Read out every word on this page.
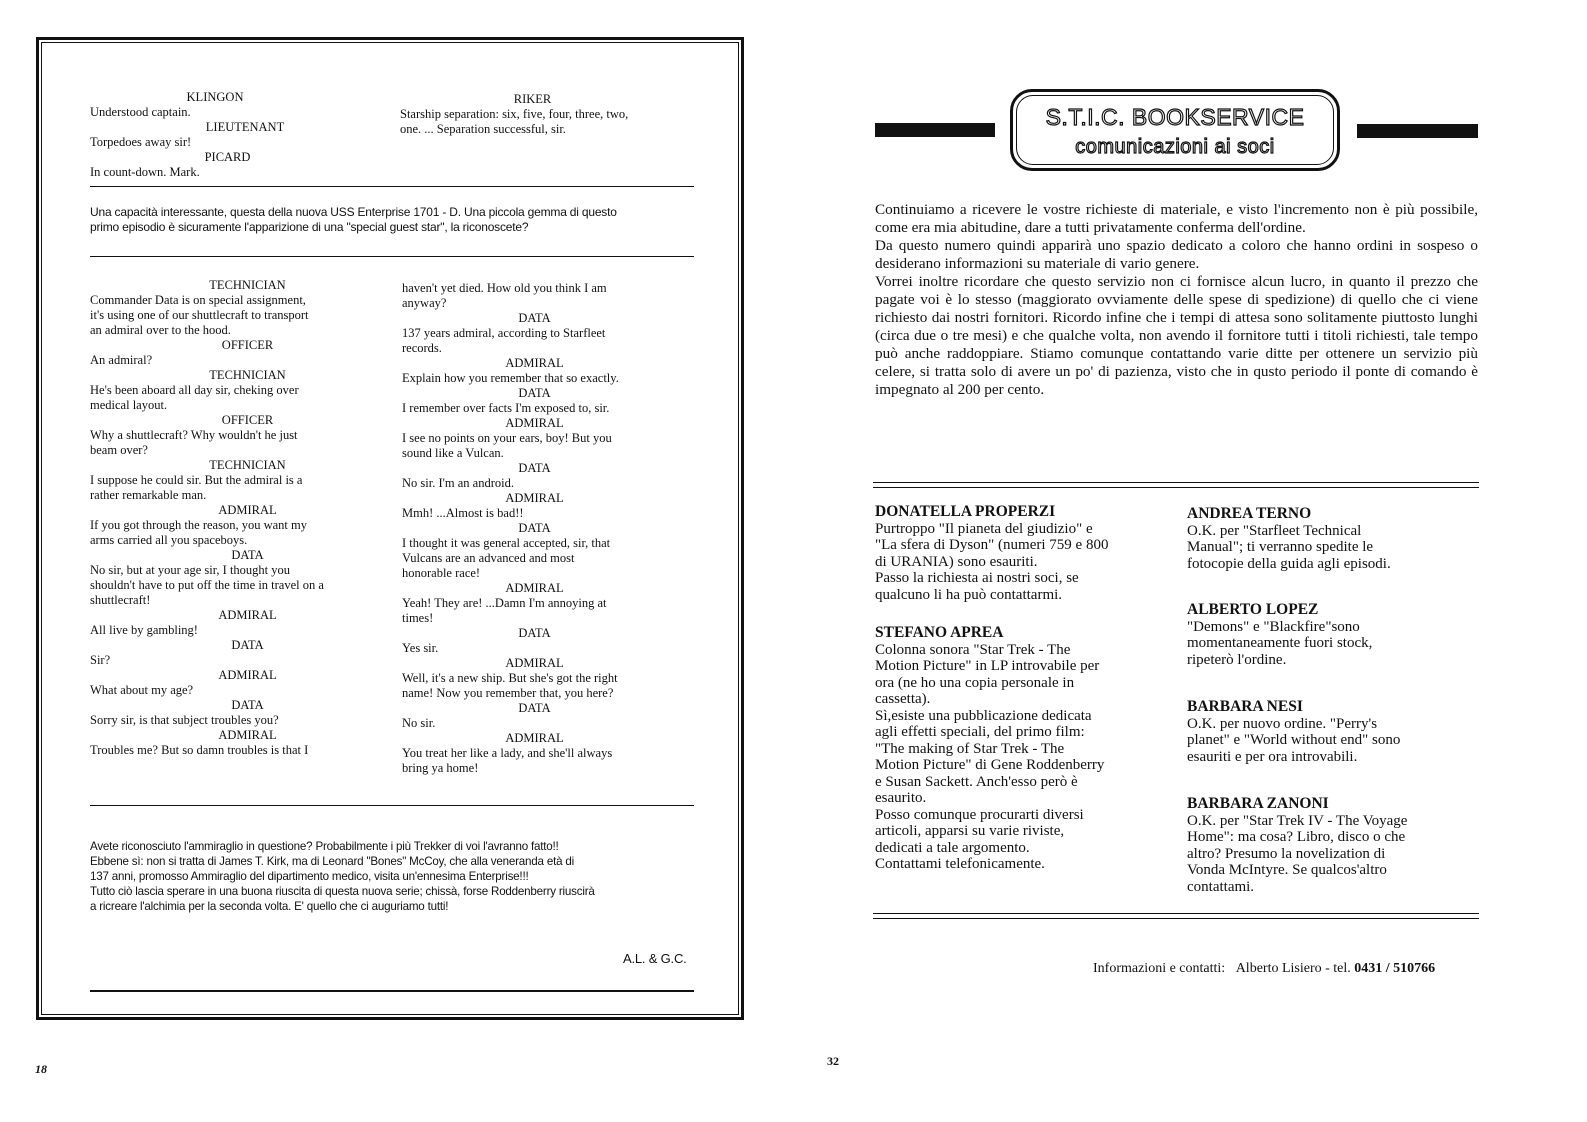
KLINGON
Understood captain.
LIEUTENANT
Torpedoes away sir!
PICARD
In count-down. Mark.
RIKER
Starship separation: six, five, four, three, two,
one. ... Separation successful, sir.
Una capacità interessante, questa della nuova USS Enterprise 1701 - D. Una piccola gemma di questo
primo episodio è sicuramente l'apparizione di una "special guest star", la riconoscete?
TECHNICIAN
Commander Data is on special assignment,
it's using one of our shuttlecraft to transport
an admiral over to the hood.
OFFICER
An admiral?
TECHNICIAN
He's been aboard all day sir, cheking over
medical layout.
OFFICER
Why a shuttlecraft? Why wouldn't he just
beam over?
TECHNICIAN
I suppose he could sir. But the admiral is a
rather remarkable man.
ADMIRAL
If you got through the reason, you want my
arms carried all you spaceboys.
DATA
No sir, but at your age sir, I thought you
shouldn't have to put off the time in travel on a
shuttlecraft!
ADMIRAL
All live by gambling!
DATA
Sir?
ADMIRAL
What about my age?
DATA
Sorry sir, is that subject troubles you?
ADMIRAL
Troubles me? But so damn troubles is that I
haven't yet died. How old you think I am
anyway?
DATA
137 years admiral, according to Starfleet
records.
ADMIRAL
Explain how you remember that so exactly.
DATA
I remember over facts I'm exposed to, sir.
ADMIRAL
I see no points on your ears, boy! But you
sound like a Vulcan.
DATA
No sir. I'm an android.
ADMIRAL
Mmh! ...Almost is bad!!
DATA
I thought it was general accepted, sir, that
Vulcans are an advanced and most
honorable race!
ADMIRAL
Yeah! They are! ...Damn I'm annoying at
times!
DATA
Yes sir.
ADMIRAL
Well, it's a new ship. But she's got the right
name! Now you remember that, you here?
DATA
No sir.
ADMIRAL
You treat her like a lady, and she'll always
bring ya home!
Avete riconosciuto l'ammiraglio in questione? Probabilmente i più Trekker di voi l'avranno fatto!!
Ebbene sì: non si tratta di James T. Kirk, ma di Leonard "Bones" McCoy, che alla veneranda età di
137 anni, promosso Ammiraglio del dipartimento medico, visita un'ennesima Enterprise!!!
Tutto ciò lascia sperare in una buona riuscita di questa nuova serie; chissà, forse Roddenberry riuscirà
a ricreare l'alchimia per la seconda volta. E' quello che ci auguriamo tutti!
A.L. & G.C.
18
32
S.T.I.C. BOOKSERVICE
comunicazioni ai soci

Continuiamo a ricevere le vostre richieste di materiale, e visto l'incremento non è più possibile, come era mia abitudine, dare a tutti privatamente conferma dell'ordine.

Da questo numero quindi apparirà uno spazio dedicato a coloro che hanno ordini in sospeso o desiderano informazioni su materiale di vario genere.

Vorrei inoltre ricordare che questo servizio non ci fornisce alcun lucro, in quanto il prezzo che pagate voi è lo stesso (maggiorato ovviamente delle spese di spedizione) di quello che ci viene richiesto dai nostri fornitori. Ricordo infine che i tempi di attesa sono solitamente piuttosto lunghi (circa due o tre mesi) e che qualche volta, non avendo il fornitore tutti i titoli richiesti, tale tempo può anche raddoppiare. Stiamo comunque contattando varie ditte per ottenere un servizio più celere, si tratta solo di avere un po' di pazienza, visto che in qusto periodo il ponte di comando è impegnato al 200 per cento.

DONATELLA PROPERZI
Purtroppo "Il pianeta del giudizio" e
"La sfera di Dyson" (numeri 759 e 800
di URANIA) sono esauriti.
Passo la richiesta ai nostri soci, se
qualcuno li ha può contattarmi.
STEFANO APREA
Colonna sonora "Star Trek - The
Motion Picture" in LP introvabile per
ora (ne ho una copia personale in
cassetta).
Sì,esiste una pubblicazione dedicata
agli effetti speciali, del primo film:
"The making of Star Trek - The
Motion Picture" di Gene Roddenberry
e Susan Sackett. Anch'esso però è
esaurito.
Posso comunque procurarti diversi
articoli, apparsi su varie riviste,
dedicati a tale argomento.
Contattami telefonicamente.
ANDREA TERNO
O.K. per "Starfleet Technical
Manual"; ti verranno spedite le
fotocopie della guida agli episodi.
ALBERTO LOPEZ
"Demons" e "Blackfire"sono
momentaneamente fuori stock,
ripeterò l'ordine.
BARBARA NESI
O.K. per nuovo ordine. "Perry's
planet" e "World without end" sono
esauriti e per ora introvabili.
BARBARA ZANONI
O.K. per "Star Trek IV - The Voyage
Home": ma cosa? Libro, disco o che
altro? Presumo la novelization di
Vonda McIntyre. Se qualcos'altro
contattami.
Informazioni e contatti: Alberto Lisiero - tel. 0431 / 510766
